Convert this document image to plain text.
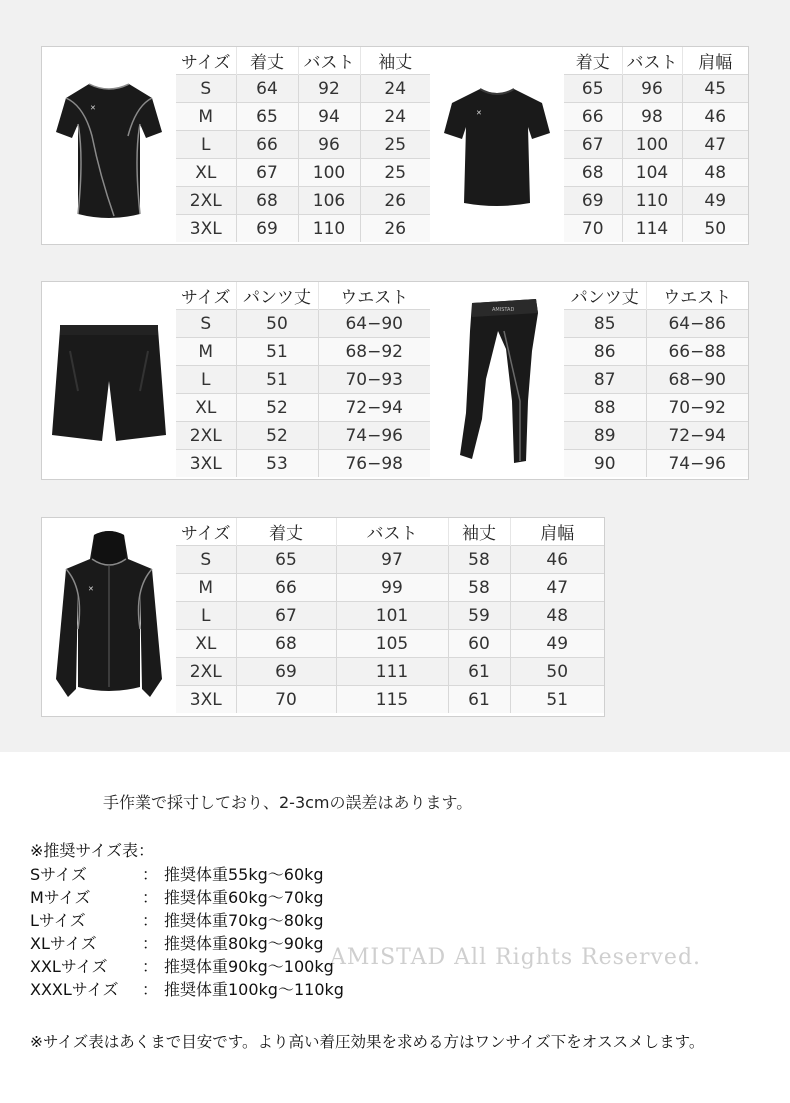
✕
サイズ	着丈	バスト	袖丈
S	64	92	24
M	65	94	24
L	66	96	25
XL	67	100	25
2XL	68	106	26
3XL	69	110	26
✕
着丈	バスト	肩幅
65	96	45
66	98	46
67	100	47
68	104	48
69	110	49
70	114	50
サイズ	パンツ丈	ウエスト
S	50	64−90
M	51	68−92
L	51	70−93
XL	52	72−94
2XL	52	74−96
3XL	53	76−98
AMISTAD
パンツ丈	ウエスト
85	64−86
86	66−88
87	68−90
88	70−92
89	72−94
90	74−96
✕
サイズ	着丈	バスト	袖丈	肩幅
S	65	97	58	46
M	66	99	58	47
L	67	101	59	48
XL	68	105	60	49
2XL	69	111	61	50
3XL	70	115	61	51
手作業で採寸しており、2-3cmの誤差はあります。
AMISTAD All Rights Reserved.
※推奨サイズ表：
Sサイズ	： 推奨体重55kg～60kg
Mサイズ	： 推奨体重60kg～70kg
Lサイズ	： 推奨体重70kg～80kg
XLサイズ	： 推奨体重80kg～90kg
XXLサイズ ： 推奨体重90kg～100kg
XXXLサイズ ： 推奨体重100kg～110kg
※サイズ表はあくまで目安です。より高い着圧効果を求める方はワンサイズ下をオススメします。
